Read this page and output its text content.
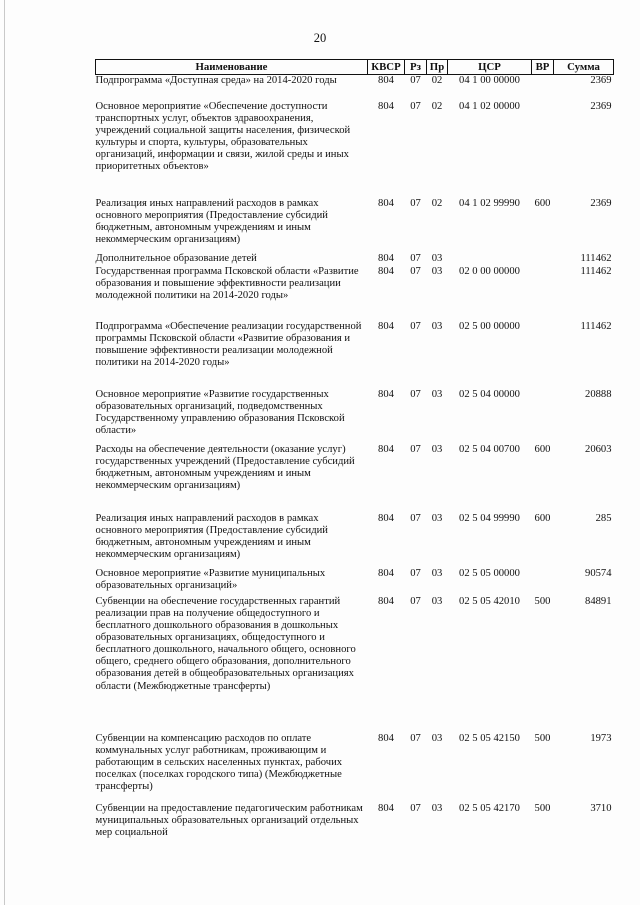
20
Наименование	КВСР	Рз	Пр	ЦСР	ВР	Сумма
Подпрограмма «Доступная среда» на 2014-2020 годы	804	07	02	04 1 00 00000		2369
Основное мероприятие «Обеспечение доступности транспортных услуг, объектов здравоохранения, учреждений социальной защиты населения, физической культуры и спорта, культуры, образовательных организаций, информации и связи, жилой среды и иных приоритетных объектов»	804	07	02	04 1 02 00000		2369
Реализация иных направлений расходов в рамках основного мероприятия (Предоставление субсидий бюджетным, автономным учреждениям и иным некоммерческим организациям)	804	07	02	04 1 02 99990	600	2369
Дополнительное образование детей	804	07	03			111462
Государственная программа Псковской области «Развитие образования и повышение эффективности реализации молодежной политики на 2014-2020 годы»	804	07	03	02 0 00 00000		111462
Подпрограмма «Обеспечение реализации государственной программы Псковской области «Развитие образования и повышение эффективности реализации молодежной политики на 2014-2020 годы»	804	07	03	02 5 00 00000		111462
Основное мероприятие «Развитие государственных образовательных организаций, подведомственных Государственному управлению образования Псковской области»	804	07	03	02 5 04 00000		20888
Расходы на обеспечение деятельности (оказание услуг) государственных учреждений (Предоставление субсидий бюджетным, автономным учреждениям и иным некоммерческим организациям)	804	07	03	02 5 04 00700	600	20603
Реализация иных направлений расходов в рамках основного мероприятия (Предоставление субсидий бюджетным, автономным учреждениям и иным некоммерческим организациям)	804	07	03	02 5 04 99990	600	285
Основное мероприятие «Развитие муниципальных образовательных организаций»	804	07	03	02 5 05 00000		90574
Субвенции на обеспечение государственных гарантий реализации прав на получение общедоступного и бесплатного дошкольного образования в дошкольных образовательных организациях, общедоступного и бесплатного дошкольного, начального общего, основного общего, среднего общего образования, дополнительного образования детей в общеобразовательных организациях области (Межбюджетные трансферты)	804	07	03	02 5 05 42010	500	84891
Субвенции на компенсацию расходов по оплате коммунальных услуг работникам, проживающим и работающим в сельских населенных пунктах, рабочих поселках (поселках городского типа) (Межбюджетные трансферты)	804	07	03	02 5 05 42150	500	1973
Субвенции на предоставление педагогическим работникам муниципальных образовательных организаций отдельных мер социальной	804	07	03	02 5 05 42170	500	3710
